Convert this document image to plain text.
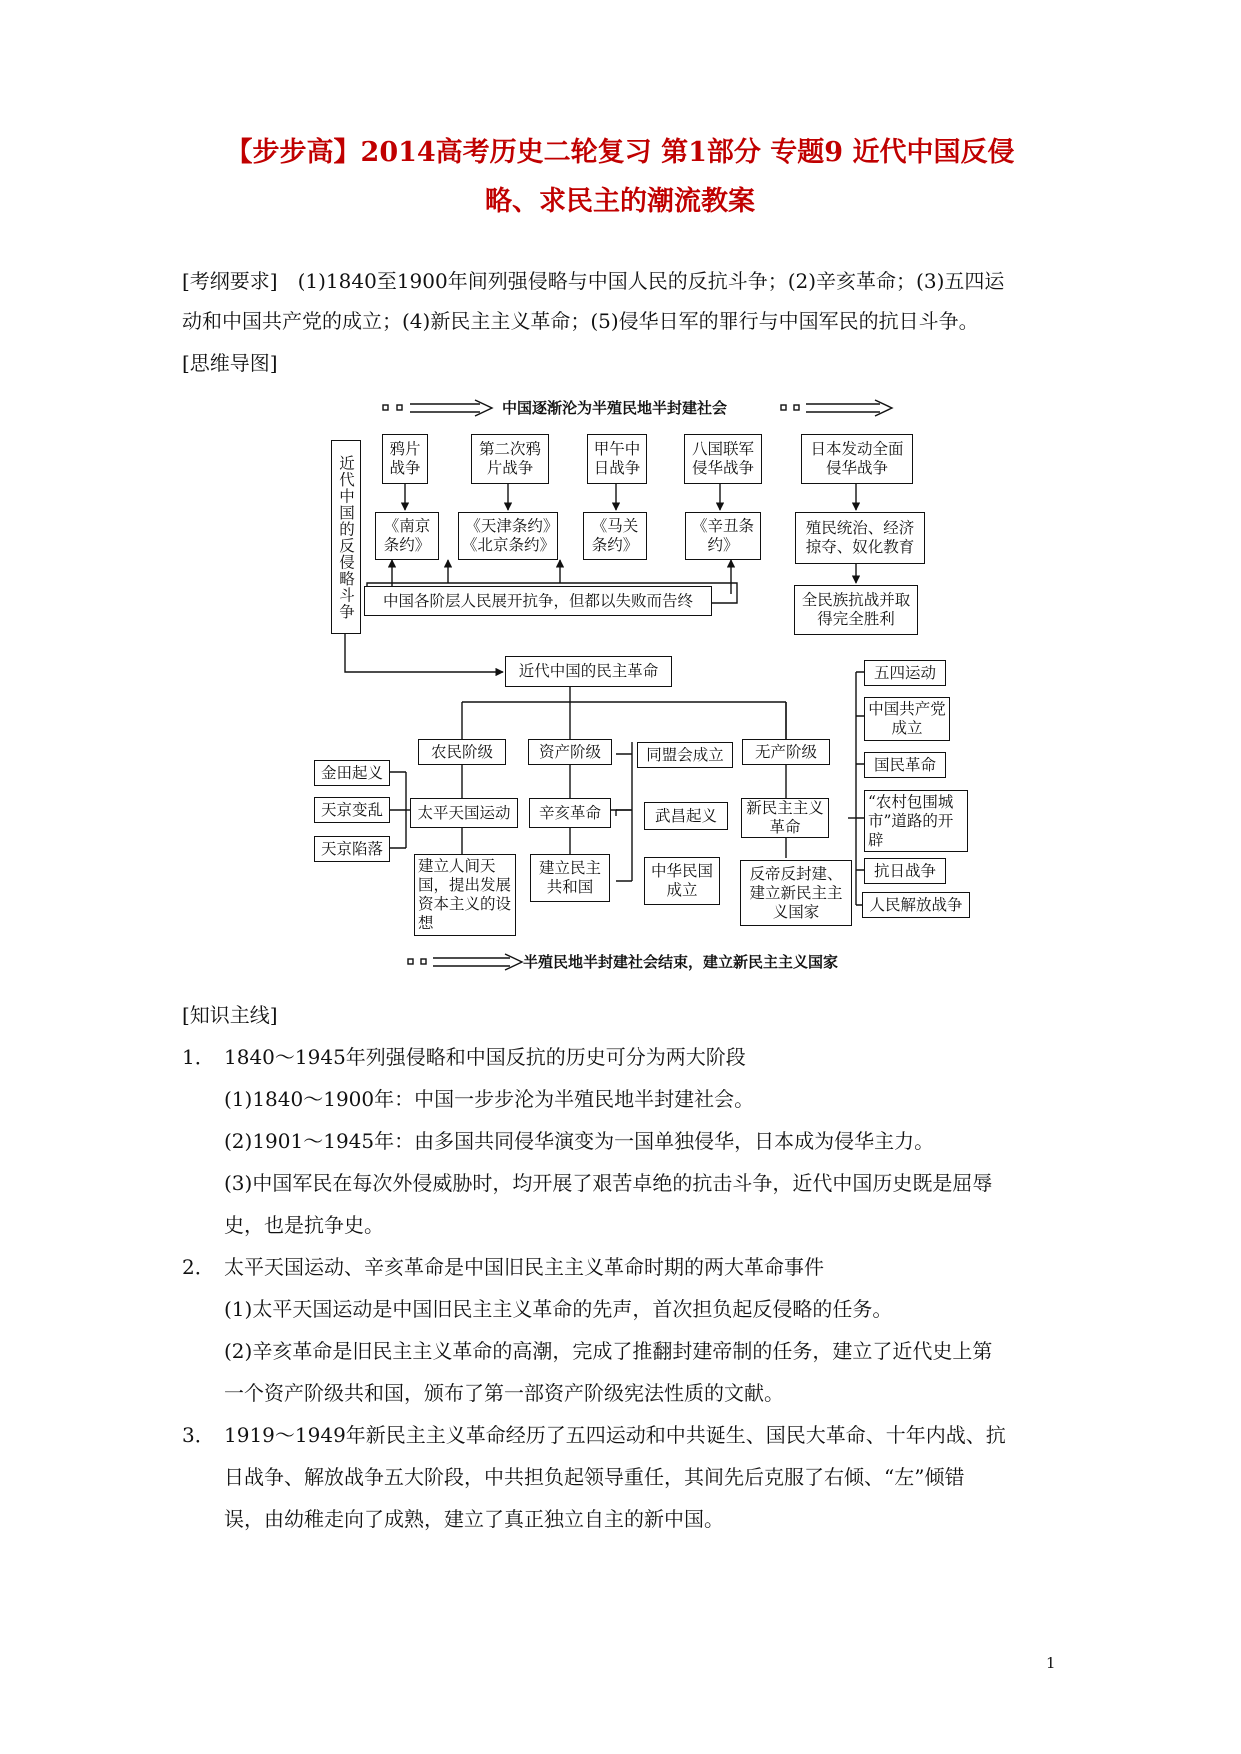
【步步高】2014高考历史二轮复习 第1部分 专题9 近代中国反侵
略、求民主的潮流教案
[考纲要求]　(1)1840至1900年间列强侵略与中国人民的反抗斗争；(2)辛亥革命；(3)五四运
动和中国共产党的成立；(4)新民主主义革命；(5)侵华日军的罪行与中国军民的抗日斗争。
[思维导图]
中国逐渐沦为半殖民地半封建社会
半殖民地半封建社会结束，建立新民主主义国家
近代中国的反侵略斗争
鸦片战争
第二次鸦片战争
甲午中日战争
八国联军侵华战争
日本发动全面侵华战争
《南京条约》
《天津条约》《北京条约》
《马关条约》
《辛丑条约》
殖民统治、经济掠夺、奴化教育
中国各阶层人民展开抗争，但都以失败而告终	全民族抗战并取得完全胜利
近代中国的民主革命
农民阶级	资产阶级	无产阶级
金田起义
天京变乱
天京陷落
太平天国运动
建立人间天国，提出发展资本主义的设想
辛亥革命
建立民主共和国
同盟会成立
武昌起义
中华民国成立
新民主主义革命
反帝反封建、建立新民主主义国家
五四运动
中国共产党成立
国民革命
“农村包围城市”道路的开辟
抗日战争
人民解放战争
[知识主线]
1． 1840～1945年列强侵略和中国反抗的历史可分为两大阶段
(1)1840～1900年：中国一步步沦为半殖民地半封建社会。
(2)1901～1945年：由多国共同侵华演变为一国单独侵华，日本成为侵华主力。
(3)中国军民在每次外侵威胁时，均开展了艰苦卓绝的抗击斗争，近代中国历史既是屈辱
史，也是抗争史。
2． 太平天国运动、辛亥革命是中国旧民主主义革命时期的两大革命事件
(1)太平天国运动是中国旧民主主义革命的先声，首次担负起反侵略的任务。
(2)辛亥革命是旧民主主义革命的高潮，完成了推翻封建帝制的任务，建立了近代史上第
一个资产阶级共和国，颁布了第一部资产阶级宪法性质的文献。
3． 1919～1949年新民主主义革命经历了五四运动和中共诞生、国民大革命、十年内战、抗
日战争、解放战争五大阶段，中共担负起领导重任，其间先后克服了右倾、“左”倾错
误，由幼稚走向了成熟，建立了真正独立自主的新中国。
1
